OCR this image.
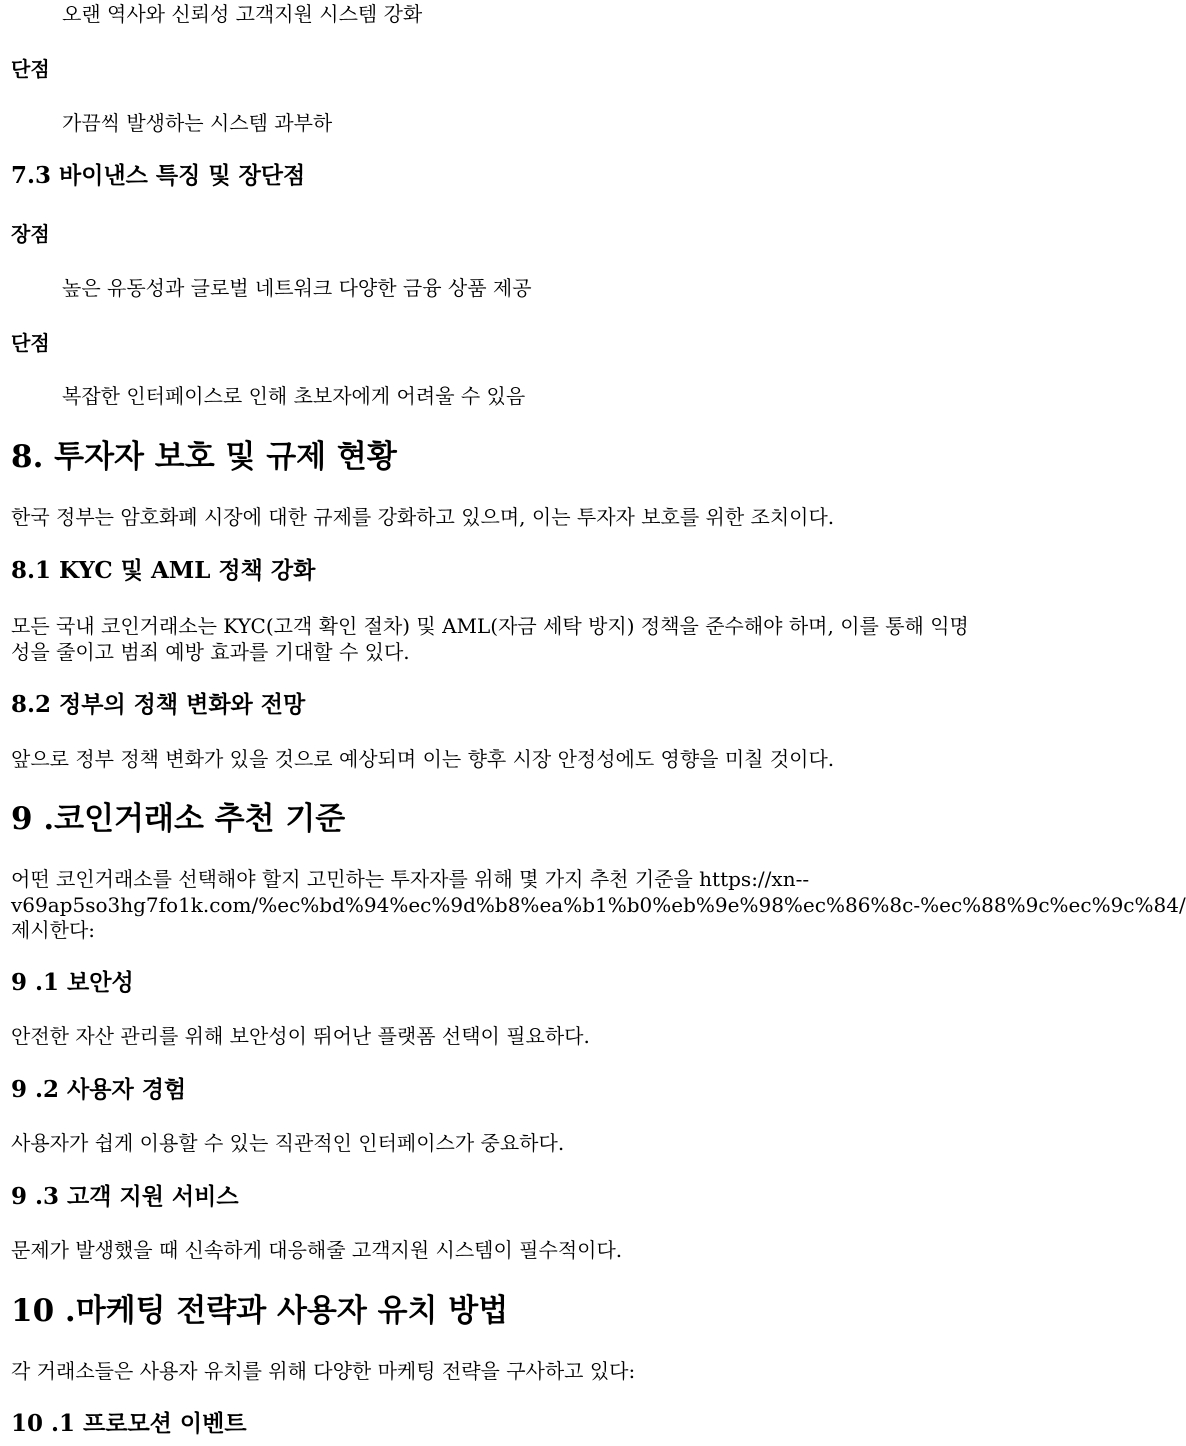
오랜 역사와 신뢰성 고객지원 시스템 강화

단점

가끔씩 발생하는 시스템 과부하

7.3 바이낸스 특징 및 장단점
장점

높은 유동성과 글로벌 네트워크 다양한 금융 상품 제공

단점

복잡한 인터페이스로 인해 초보자에게 어려울 수 있음

8. 투자자 보호 및 규제 현황

한국 정부는 암호화폐 시장에 대한 규제를 강화하고 있으며, 이는 투자자 보호를 위한 조치이다.

8.1 KYC 및 AML 정책 강화

모든 국내 코인거래소는 KYC(고객 확인 절차) 및 AML(자금 세탁 방지) 정책을 준수해야 하며, 이를 통해 익명

성을 줄이고 범죄 예방 효과를 기대할 수 있다.

8.2 정부의 정책 변화와 전망

앞으로 정부 정책 변화가 있을 것으로 예상되며 이는 향후 시장 안정성에도 영향을 미칠 것이다.

9 .코인거래소 추천 기준

어떤 코인거래소를 선택해야 할지 고민하는 투자자를 위해 몇 가지 추천 기준을 https://xn--

v69ap5so3hg7fo1k.com/%ec%bd%94%ec%9d%b8%ea%b1%b0%eb%9e%98%ec%86%8c-%ec%88%9c%ec%9c%84/

제시한다:

9 .1 보안성

안전한 자산 관리를 위해 보안성이 뛰어난 플랫폼 선택이 필요하다.

9 .2 사용자 경험

사용자가 쉽게 이용할 수 있는 직관적인 인터페이스가 중요하다.

9 .3 고객 지원 서비스

문제가 발생했을 때 신속하게 대응해줄 고객지원 시스템이 필수적이다.

10 .마케팅 전략과 사용자 유치 방법

각 거래소들은 사용자 유치를 위해 다양한 마케팅 전략을 구사하고 있다:

10 .1 프로모션 이벤트
